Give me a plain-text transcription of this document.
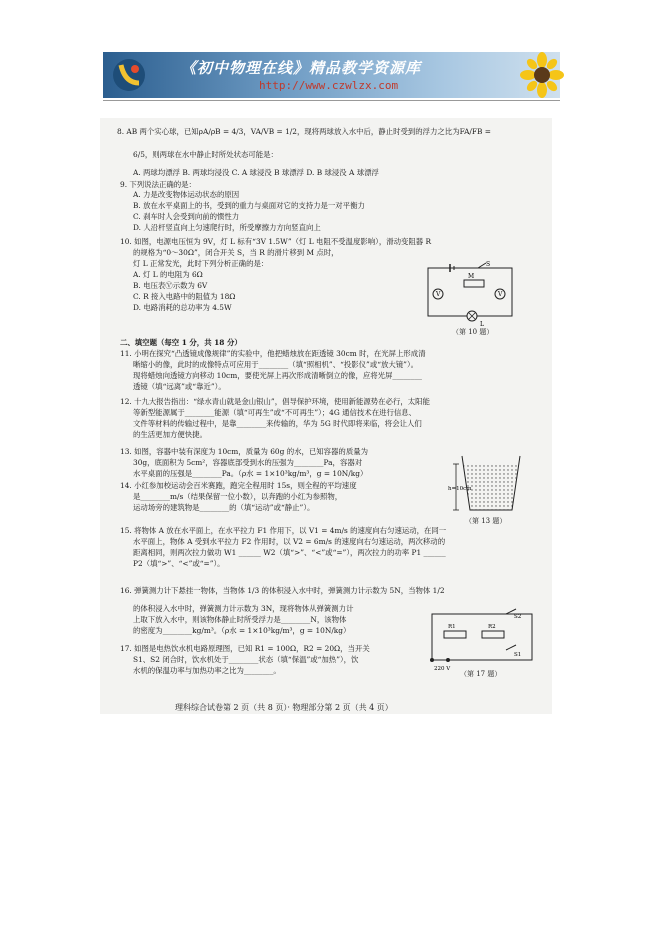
《初中物理在线》精品教学资源库
http://www.czwlzx.com
8. AB 两个实心球，已知ρA/ρB = 4/3，VA/VB = 1/2，现将两球放入水中后，静止时受到的浮力之比为FA/FB =
6/5，则两球在水中静止时所处状态可能是：
A. 两球均漂浮 B. 两球均浸没 C. A 球浸没 B 球漂浮 D. B 球浸没 A 球漂浮
9. 下列说法正确的是：
A. 力是改变物体运动状态的原因
B. 放在水平桌面上的书，受到的重力与桌面对它的支持力是一对平衡力
C. 刹车时人会受到向前的惯性力
D. 人沿杆竖直向上匀速爬行时，所受摩擦力方向竖直向上
10. 如图，电源电压恒为 9V，灯 L 标有“3V 1.5W”（灯 L 电阻不受温度影响），滑动变阻器 R
的规格为“0～30Ω”，闭合开关 S，当 R 的滑片移到 M 点时，
灯 L 正常发光，此时下列分析正确的是：
A. 灯 L 的电阻为 6Ω
B. 电压表Ⓥ示数为 6V
C. R 接入电路中的阻值为 18Ω
D. 电路消耗的总功率为 4.5W
S
M
V	V
L
（第 10 题）
二、填空题（每空 1 分，共 18 分）
11. 小明在探究“凸透镜成像规律”的实验中，他把蜡烛放在距透镜 30cm 时，在光屏上形成清
晰缩小的像，此时的成像特点可应用于________（填“照相机”、“投影仪”或“放大镜”）。
现将蜡烛向透镜方向移动 10cm，要使光屏上再次形成清晰倒立的像，应将光屏________
透镜（填“远离”或“靠近”）。
12. 十九大报告指出：“绿水青山就是金山银山”，倡导保护环境，使用新能源势在必行，太阳能
等新型能源属于________能源（填“可再生”或“不可再生”）；4G 通信技术在进行信息、
文件等材料的传输过程中，是靠________来传输的，华为 5G 时代即将来临，将会让人们
的生活更加方便快捷。
13. 如图，容器中装有深度为 10cm，质量为 60g 的水，已知容器的质量为
30g，底面积为 5cm²，容器底部受到水的压强为________Pa，容器对
水平桌面的压强是________Pa。（ρ水 = 1×10³kg/m³，g = 10N/kg）
14. 小红参加校运动会百米赛跑，跑完全程用时 15s，则全程的平均速度
是________m/s（结果保留一位小数），以奔跑的小红为参照物，
运动场旁的建筑物是________的（填“运动”或“静止”）。
h=10cm
（第 13 题）
15. 将物体 A 放在水平面上，在水平拉力 F1 作用下，以 V1 = 4m/s 的速度向右匀速运动，在同一
水平面上，物体 A 受到水平拉力 F2 作用时，以 V2 = 6m/s 的速度向右匀速运动，两次移动的
距离相同，则两次拉力做功 W1 ______ W2（填“>”、“<”或“=”），两次拉力的功率 P1 ______
P2（填“>”、“<”或“=”）。
16. 弹簧测力计下悬挂一物体，当物体 1/3 的体积浸入水中时，弹簧测力计示数为 5N，当物体 1/2
的体积浸入水中时，弹簧测力计示数为 3N，现将物体从弹簧测力计
上取下放入水中，则该物体静止时所受浮力是________N，该物体
的密度为________kg/m³。（ρ水 = 1×10³kg/m³，g = 10N/kg）
17. 如图是电热饮水机电路原理图，已知 R1 = 100Ω，R2 = 20Ω，当开关
S1、S2 闭合时，饮水机处于________状态（填“保温”或“加热”），饮
水机的保温功率与加热功率之比为________。
R1	R2
S2
S1
220 V
（第 17 题）
理科综合试卷第 2 页（共 8 页）· 物理部分第 2 页（共 4 页）
